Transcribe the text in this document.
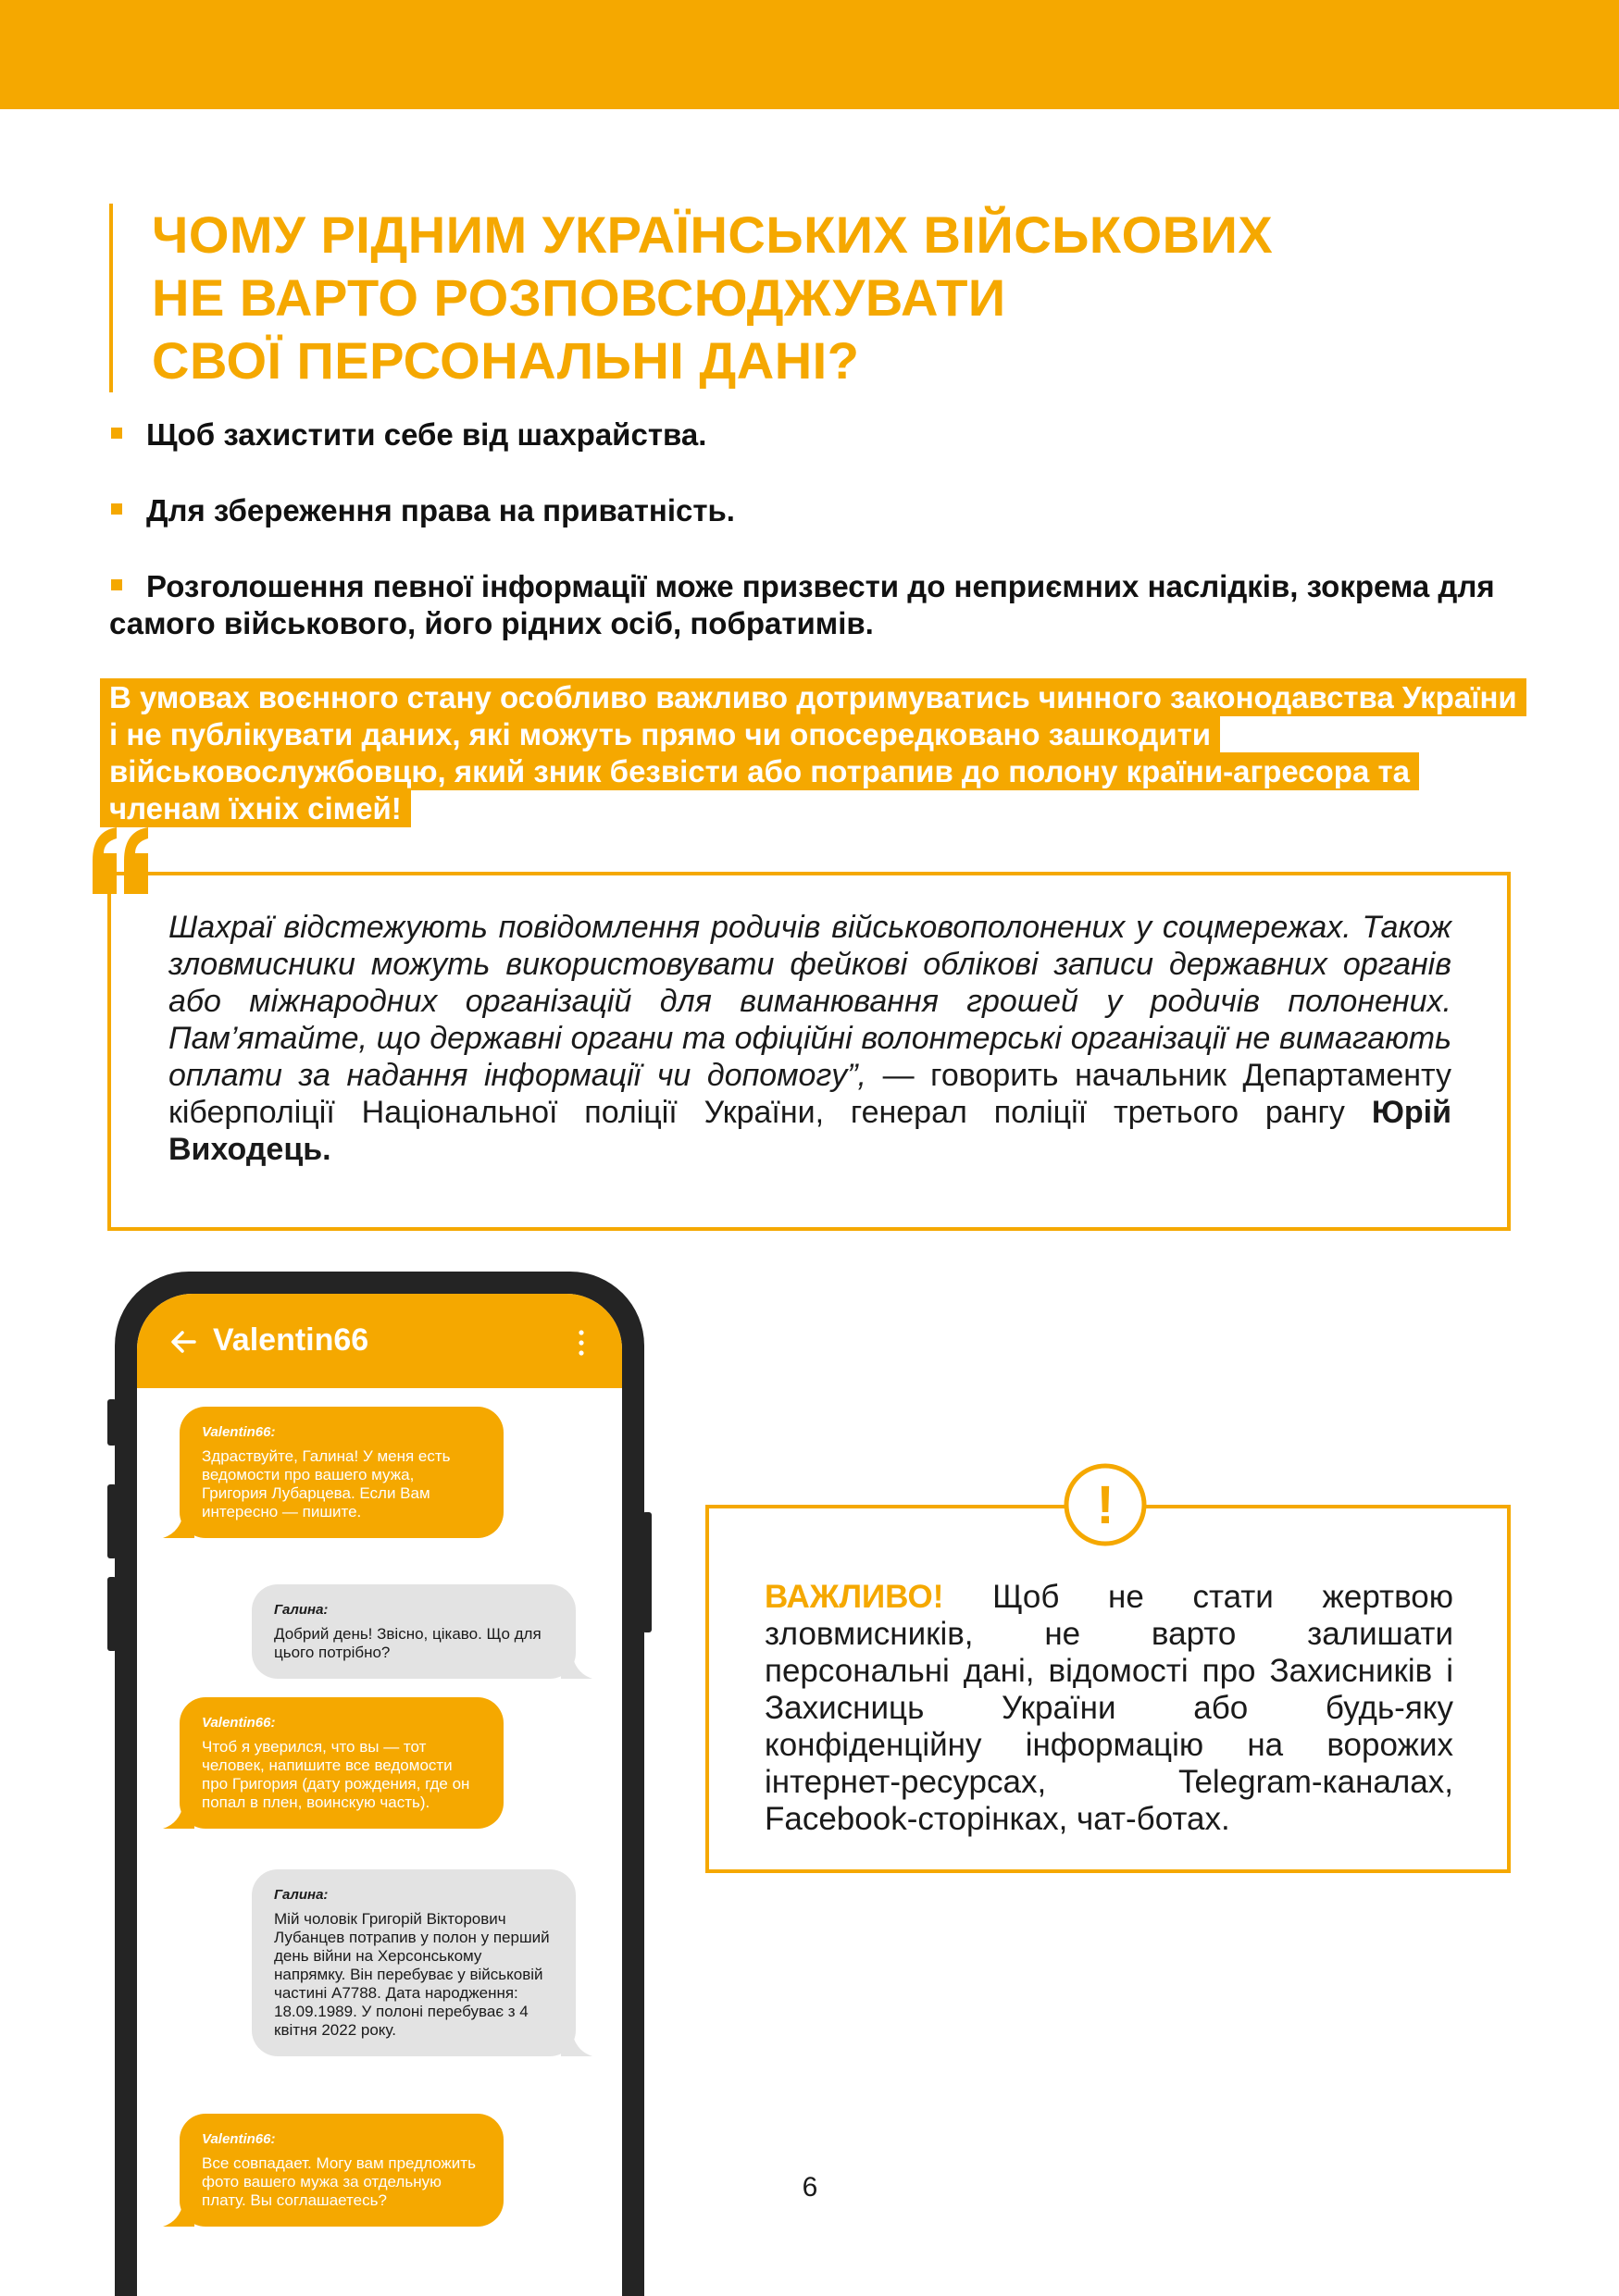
ЧОМУ РІДНИМ УКРАЇНСЬКИХ ВІЙСЬКОВИХ
НЕ ВАРТО РОЗПОВСЮДЖУВАТИ
СВОЇ ПЕРСОНАЛЬНІ ДАНІ?

Щоб захистити себе від шахрайства.

Для збереження права на приватність.

Розголошення певної інформації може призвести до неприємних наслідків, зокрема для самого військового, його рідних осіб, побратимів.

В умовах воєнного стану особливо важливо дотримуватись чинного законодавства України і не публікувати даних, які можуть прямо чи опосередковано зашкодити військовослужбовцю, який зник безвісти або потрапив до полону країни-агресора та членам їхніх сімей!

Шахраї відстежують повідомлення родичів військовополонених у соцмережах. Також зловмисники можуть використовувати фейкові облікові записи державних органів або міжнародних організацій для виманювання грошей у родичів полонених. Пам’ятайте, що державні органи та офіційні волонтерські організації не вимагають оплати за надання інформації чи допомогу”, — говорить начальник Департаменту кіберполіції Національної поліції України, генерал поліції третього рангу Юрій Виходець.

Valentin66
Valentin66:
Здраствуйте, Галина! У меня есть ведомости про вашего мужа, Григория Лубарцева. Если Вам интересно — пишите.
Галина:
Добрий день! Звісно, цікаво. Що для цього потрібно?
Valentin66:
Чтоб я уверился, что вы — тот человек, напишите все ведомости про Григория (дату рождения, где он попал в плен, воинскую часть).
Галина:
Мій чоловік Григорій Вікторович Лубанцев потрапив у полон у перший день війни на Херсонському напрямку. Він перебуває у військовій частині А7788. Дата народження: 18.09.1989. У полоні перебуває з 4 квітня 2022 року.
Valentin66:
Все совпадает. Могу вам предложить фото вашего мужа за отдельную плату. Вы соглашаетесь?

ВАЖЛИВО! Щоб не стати жертвою зловмисників, не варто залишати персональні дані, відомості про Захисників і Захисниць України або будь-яку конфіденційну інформацію на ворожих інтернет-ресурсах, Telegram-каналах, Facebook-сторінках, чат-ботах.

!
6
